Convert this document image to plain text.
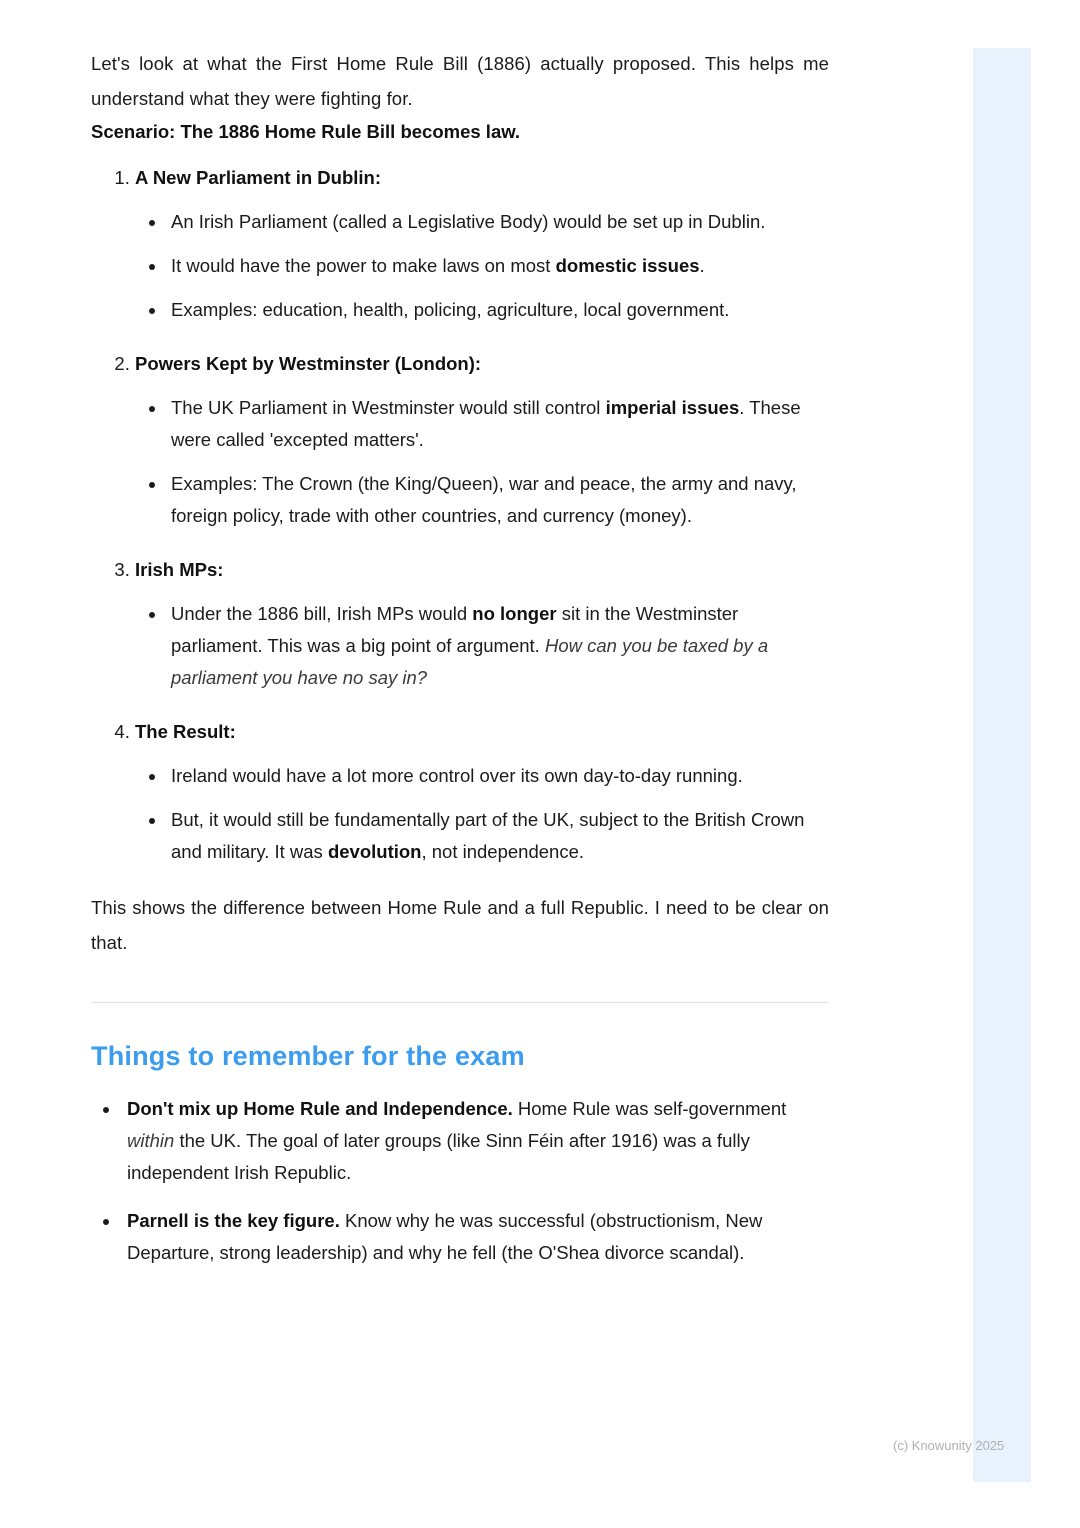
Let's look at what the First Home Rule Bill (1886) actually proposed. This helps me understand what they were fighting for.

Scenario: The 1886 Home Rule Bill becomes law.

1. A New Parliament in Dublin:
• An Irish Parliament (called a Legislative Body) would be set up in Dublin.
• It would have the power to make laws on most domestic issues.
• Examples: education, health, policing, agriculture, local government.
2. Powers Kept by Westminster (London):
• The UK Parliament in Westminster would still control imperial issues. These were called 'excepted matters'.
• Examples: The Crown (the King/Queen), war and peace, the army and navy, foreign policy, trade with other countries, and currency (money).
3. Irish MPs:
• Under the 1886 bill, Irish MPs would no longer sit in the Westminster parliament. This was a big point of argument. How can you be taxed by a parliament you have no say in?
4. The Result:
• Ireland would have a lot more control over its own day-to-day running.
• But, it would still be fundamentally part of the UK, subject to the British Crown and military. It was devolution, not independence.

This shows the difference between Home Rule and a full Republic. I need to be clear on that.

Things to remember for the exam
• Don't mix up Home Rule and Independence. Home Rule was self-government within the UK. The goal of later groups (like Sinn Féin after 1916) was a fully independent Irish Republic.
• Parnell is the key figure. Know why he was successful (obstructionism, New Departure, strong leadership) and why he fell (the O'Shea divorce scandal).
(c) Knowunity 2025
